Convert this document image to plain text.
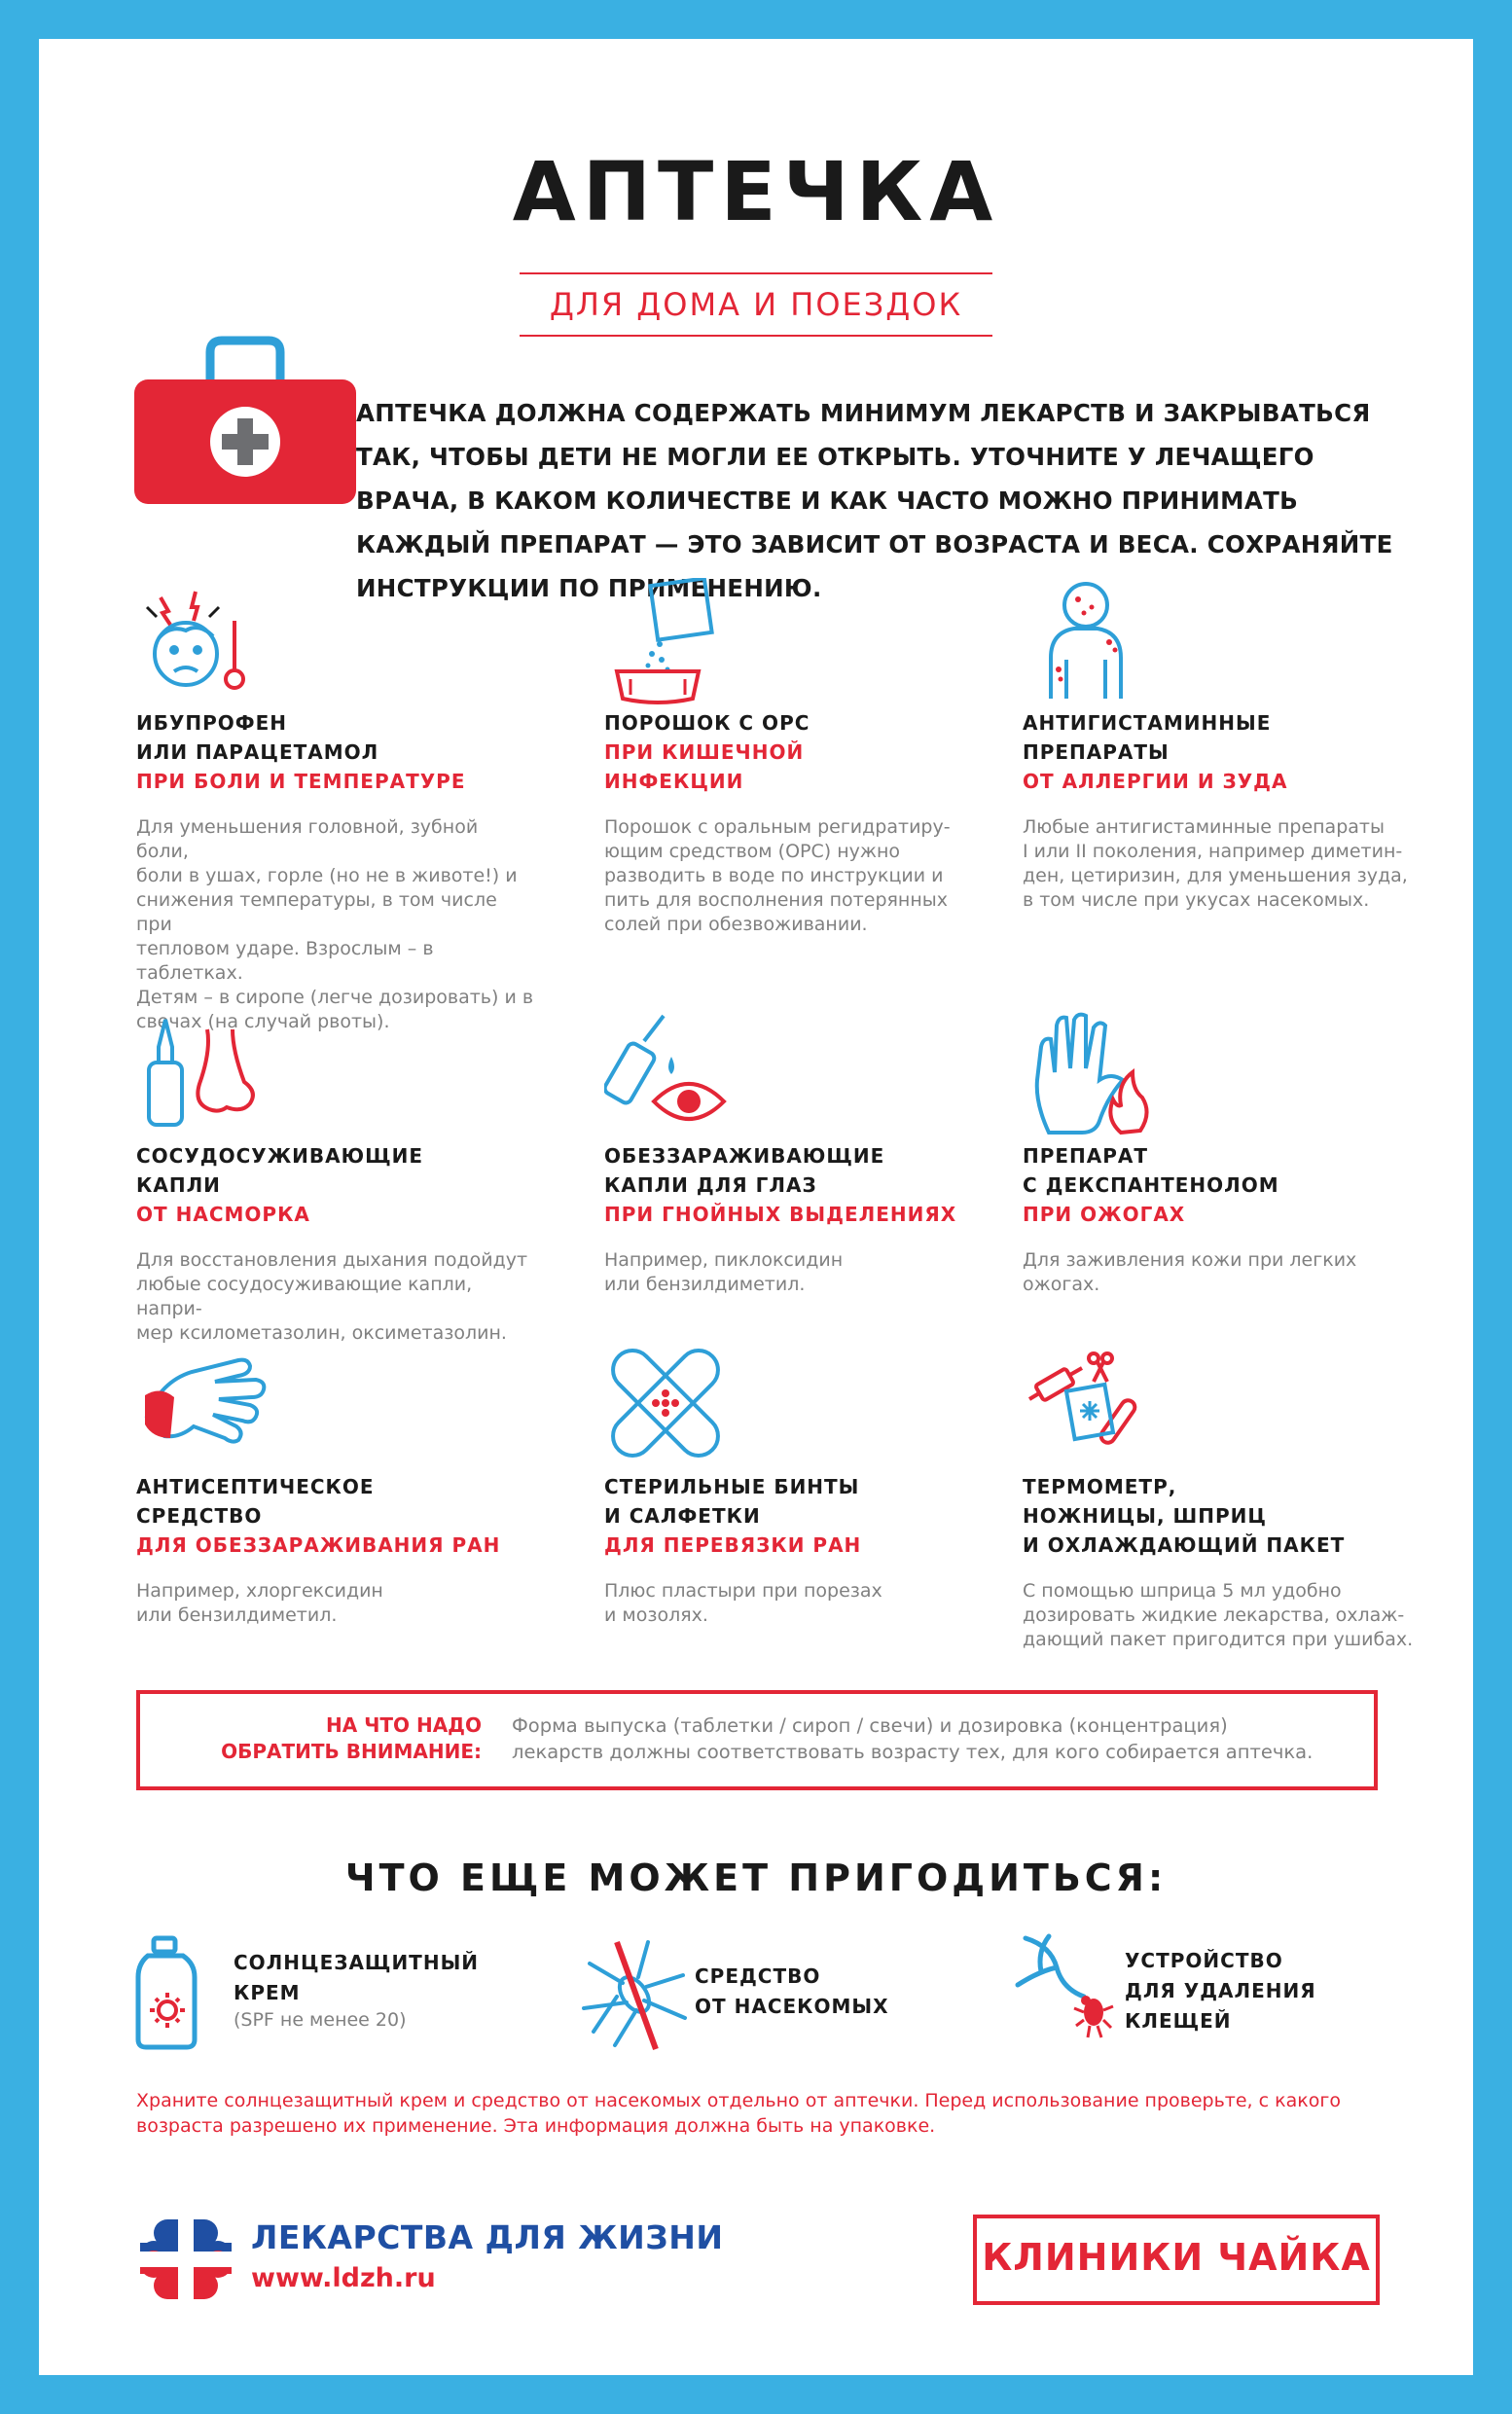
АПТЕЧКА
ДЛЯ ДОМА И ПОЕЗДОК
АПТЕЧКА ДОЛЖНА СОДЕРЖАТЬ МИНИМУМ ЛЕКАРСТВ И ЗАКРЫВАТЬСЯ ТАК, ЧТОБЫ ДЕТИ НЕ МОГЛИ ЕЕ ОТКРЫТЬ. УТОЧНИТЕ У ЛЕЧАЩЕГО ВРАЧА, В КАКОМ КОЛИЧЕСТВЕ И КАК ЧАСТО МОЖНО ПРИНИМАТЬ КАЖДЫЙ ПРЕПАРАТ — ЭТО ЗАВИСИТ ОТ ВОЗРАСТА И ВЕСА. СОХРАНЯЙТЕ ИНСТРУКЦИИ ПО ПРИМЕНЕНИЮ.
ИБУПРОФЕН
ИЛИ ПАРАЦЕТАМОЛ
ПРИ БОЛИ И ТЕМПЕРАТУРЕ
Для уменьшения головной, зубной боли,
боли в ушах, горле (но не в животе!) и
снижения температуры, в том числе при
тепловом ударе. Взрослым – в таблетках.
Детям – в сиропе (легче дозировать) и в
свечах (на случай рвоты).
ПОРОШОК С ОРС
ПРИ КИШЕЧНОЙ
ИНФЕКЦИИ
Порошок с оральным регидратиру-
ющим средством (ОРС) нужно
разводить в воде по инструкции и
пить для восполнения потерянных
солей при обезвоживании.
АНТИГИСТАМИННЫЕ
ПРЕПАРАТЫ
ОТ АЛЛЕРГИИ И ЗУДА
Любые антигистаминные препараты
I или II поколения, например диметин-
ден, цетиризин, для уменьшения зуда,
в том числе при укусах насекомых.
СОСУДОСУЖИВАЮЩИЕ
КАПЛИ
ОТ НАСМОРКА
Для восстановления дыхания подойдут
любые сосудосуживающие капли, напри-
мер ксилометазолин, оксиметазолин.
ОБЕЗЗАРАЖИВАЮЩИЕ
КАПЛИ ДЛЯ ГЛАЗ
ПРИ ГНОЙНЫХ ВЫДЕЛЕНИЯХ
Например, пиклоксидин
или бензилдиметил.
ПРЕПАРАТ
С ДЕКСПАНТЕНОЛОМ
ПРИ ОЖОГАХ
Для заживления кожи при легких
ожогах.
АНТИСЕПТИЧЕСКОЕ
СРЕДСТВО
ДЛЯ ОБЕЗЗАРАЖИВАНИЯ РАН
Например, хлоргексидин
или бензилдиметил.
СТЕРИЛЬНЫЕ БИНТЫ
И САЛФЕТКИ
ДЛЯ ПЕРЕВЯЗКИ РАН
Плюс пластыри при порезах
и мозолях.
ТЕРМОМЕТР,
НОЖНИЦЫ, ШПРИЦ
И ОХЛАЖДАЮЩИЙ ПАКЕТ
С помощью шприца 5 мл удобно
дозировать жидкие лекарства, охлаж-
дающий пакет пригодится при ушибах.
НА ЧТО НАДО
ОБРАТИТЬ ВНИМАНИЕ:
Форма выпуска (таблетки / сироп / свечи) и дозировка (концентрация)
лекарств должны соответствовать возрасту тех, для кого собирается аптечка.
ЧТО ЕЩЕ МОЖЕТ ПРИГОДИТЬСЯ:
СОЛНЦЕЗАЩИТНЫЙ
КРЕМ
(SPF не менее 20)
СРЕДСТВО
ОТ НАСЕКОМЫХ
УСТРОЙСТВО
ДЛЯ УДАЛЕНИЯ
КЛЕЩЕЙ
Храните солнцезащитный крем и средство от насекомых отдельно от аптечки. Перед использование проверьте, с какого возраста разрешено их применение. Эта информация должна быть на упаковке.
ЛЕКАРСТВА ДЛЯ ЖИЗНИ
www.ldzh.ru	КЛИНИКИ ЧАЙКА
